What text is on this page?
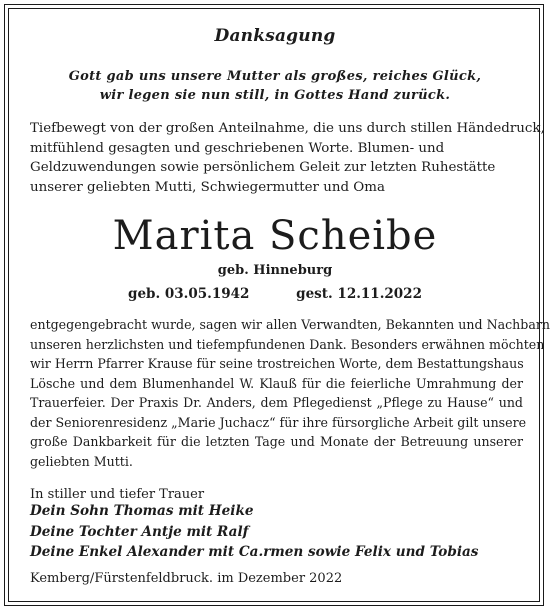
Danksagung
Gott gab uns unsere Mutter als großes, reiches Glück,
wir legen sie nun still, in Gottes Hand zurück.
Tiefbewegt von der großen Anteilnahme, die uns durch stillen Händedruck,
mitfühlend gesagten und geschriebenen Worte. Blumen- und
Geldzuwendungen sowie persönlichem Geleit zur letzten Ruhestätte
unserer geliebten Mutti, Schwiegermutter und Oma
Marita Scheibe
geb. Hinneburg
geb. 03.05.1942	gest. 12.11.2022
entgegengebracht wurde, sagen wir allen Verwandten, Bekannten und Nachbarn
unseren herzlichsten und tiefempfundenen Dank. Besonders erwähnen möchten
wir Herrn Pfarrer Krause für seine trostreichen Worte, dem Bestattungshaus
Lösche und dem Blumenhandel W. Klauß für die feierliche Umrahmung der
Trauerfeier. Der Praxis Dr. Anders, dem Pflegedienst „Pflege zu Hause“ und
der Seniorenresidenz „Marie Juchacz“ für ihre fürsorgliche Arbeit gilt unsere
große Dankbarkeit für die letzten Tage und Monate der Betreuung unserer
geliebten Mutti.
In stiller und tiefer Trauer
Dein Sohn Thomas mit Heike
Deine Tochter Antje mit Ralf
Deine Enkel Alexander mit Ca.rmen sowie Felix und Tobias
Kemberg/Fürstenfeldbruck. im Dezember 2022
